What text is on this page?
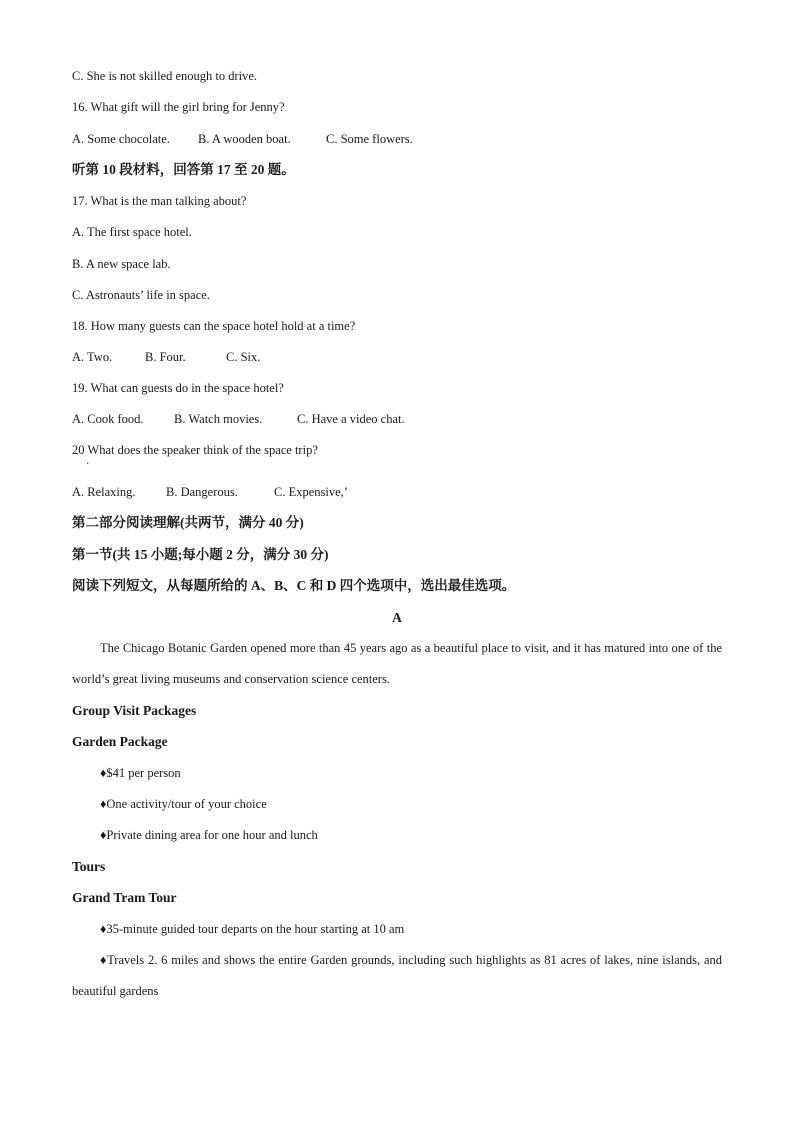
C. She is not skilled enough to drive.
16. What gift will the girl bring for Jenny?
A. Some chocolate. B. A wooden boat.	C. Some flowers.
听第 10 段材料，回答第 17 至 20 题。
17. What is the man talking about?
A. The first space hotel.
B. A new space lab.
C. Astronauts’ life in space.
18. How many guests can the space hotel hold at a time?
A. Two.	B. Four.	C. Six.
19. What can guests do in the space hotel?
A. Cook food. B. Watch movies.	C. Have a video chat.
20 What does the speaker think of the space trip?
·
A. Relaxing. B. Dangerous.	C. Expensive,’
第二部分阅读理解(共两节，满分 40 分)
第一节(共 15 小题;每小题 2 分，满分 30 分)
阅读下列短文，从每题所给的 A、B、C 和 D 四个选项中，选出最佳选项。
A
The Chicago Botanic Garden opened more than 45 years ago as a beautiful place to visit, and it has matured into one of the world’s great living museums and conservation science centers.
Group Visit Packages
Garden Package
♦$41 per person
♦One activity/tour of your choice
♦Private dining area for one hour and lunch
Tours
Grand Tram Tour
♦35-minute guided tour departs on the hour starting at 10 am
♦Travels 2. 6 miles and shows the entire Garden grounds, including such highlights as 81 acres of lakes, nine islands, and beautiful gardens
